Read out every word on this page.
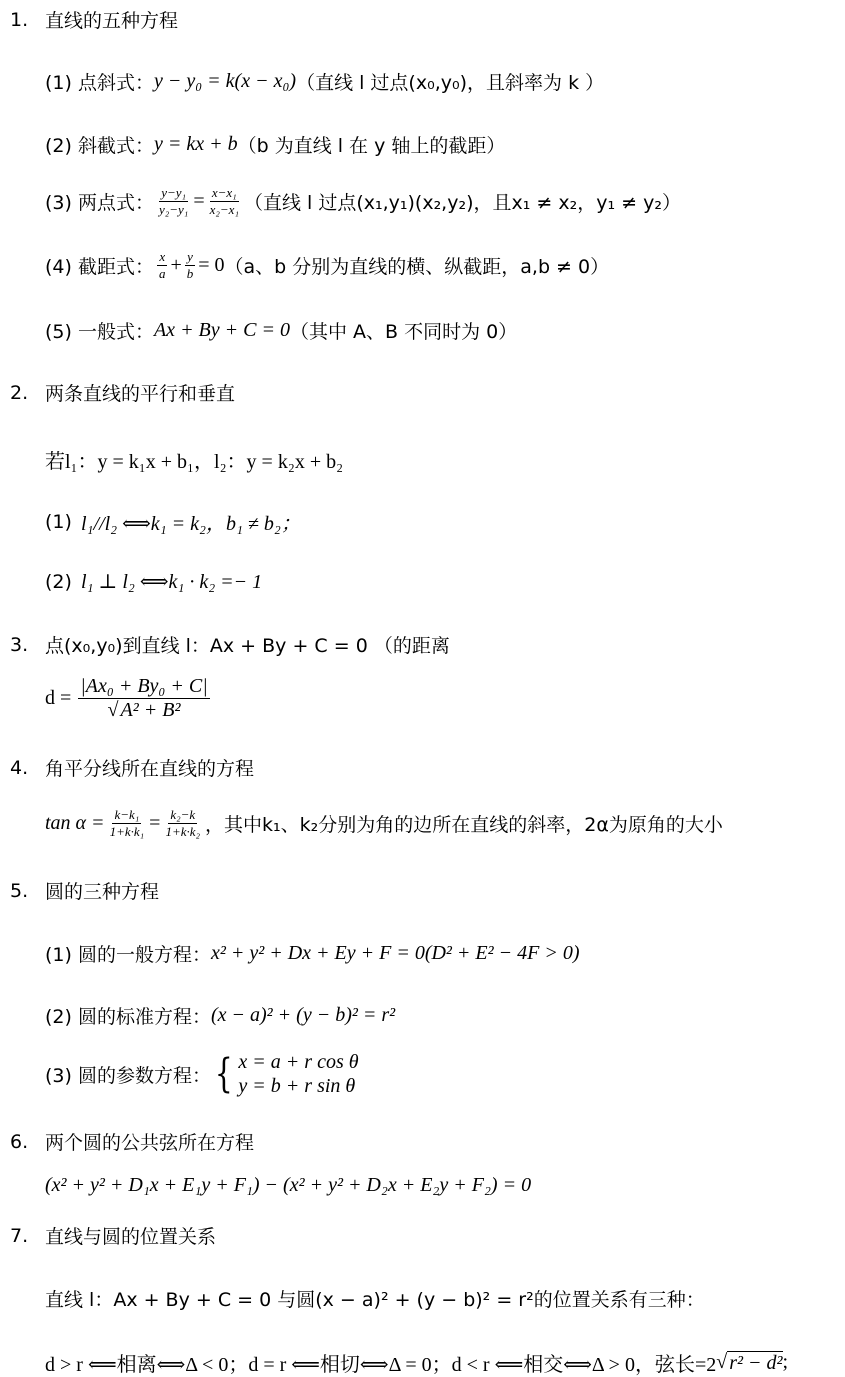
1. 直线的五种方程
(1) 点斜式： y − y₀ = k(x − x₀) （直线 l 过点(x₀,y₀)，且斜率为 k ）
(2) 斜截式： y = kx + b （b 为直线 l 在 y 轴上的截距）
(3) 两点式： $\frac{\text{y−y₁}}{\text{y₂−y₁}} = \frac{\text{x−x₁}}{\text{x₂−x₁}}$ （直线 l 过点(x₁,y₁)(x₂,y₂)，且x₁ ≠ x₂，y₁ ≠ y₂）
(4) 截距式： $\frac{x}{a} + \frac{y}{b} = 0$ （a、b 分别为直线的横、纵截距，a,b ≠ 0）
(5) 一般式： Ax + By + C = 0 （其中 A、B 不同时为 0）
2. 两条直线的平行和垂直
若l₁：y = k₁x + b₁，l₂：y = k₂x + b₂
(1) l₁//l₂ ⟺k₁ = k₂，b₁ ≠ b₂；
(2) l₁ ⊥ l₂ ⟺k₁ · k₂ =− 1
3. 点(x₀,y₀)到直线 l：Ax + By + C = 0 （的距离
$d = \frac{\text{|Ax₀ + By₀ + C|}}{\text{√ A² + B²}}$
4. 角平分线所在直线的方程
$\tan \alpha = \frac{\text{k−k₁}}{\text{1+k·k₁}} = \frac{\text{k₂−k}}{\text{1+k·k₂}}$ ，其中k₁、k₂分别为角的边所在直线的斜率，2α为原角的大小
5. 圆的三种方程
(1) 圆的一般方程： x² + y² + Dx + Ey + F = 0(D² + E² − 4F > 0)
(2) 圆的标准方程： (x − a)² + (y − b)² = r²
(3) 圆的参数方程： { x = a + r cos θ
y = b + r sin θ
6. 两个圆的公共弦所在方程
(x² + y² + D₁x + E₁y + F₁) − (x² + y² + D₂x + E₂y + F₂) = 0
7. 直线与圆的位置关系
直线 l：Ax + By + C = 0 与圆(x − a)² + (y − b)² = r²的位置关系有三种：
d > r ⟸相离⟺Δ < 0；d = r ⟸相切⟺Δ = 0；d < r ⟸相交⟺Δ > 0，弦长=2 √ r² − d² ;
